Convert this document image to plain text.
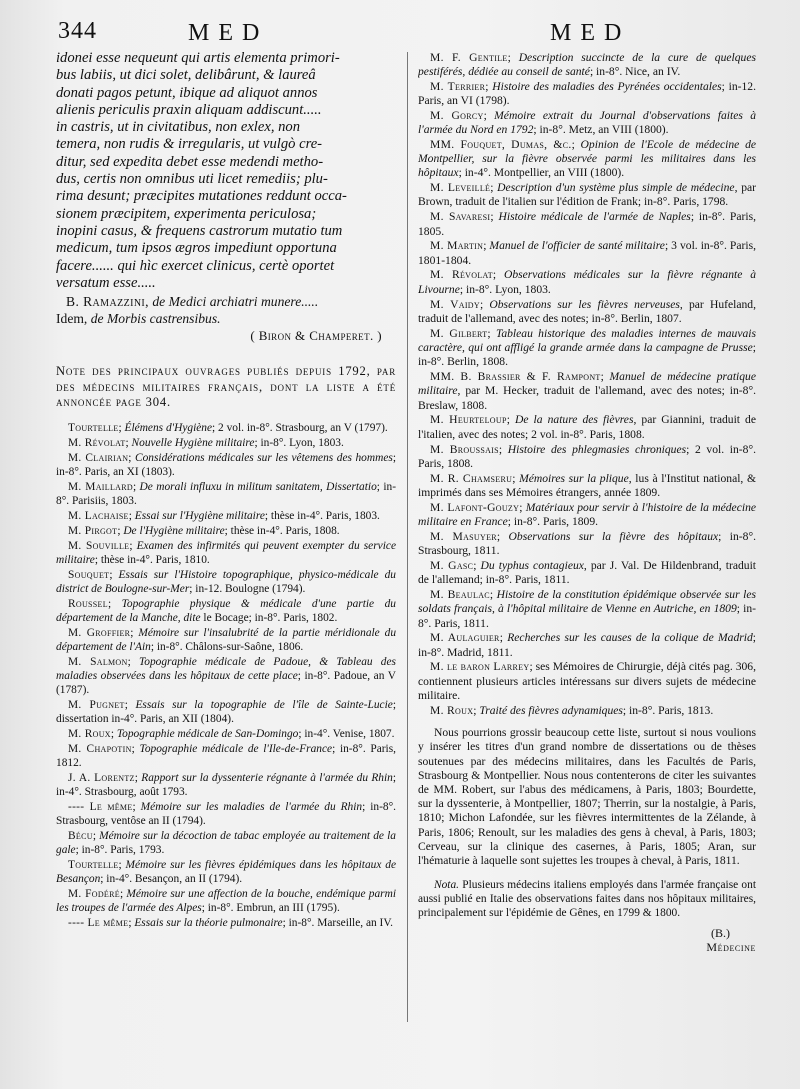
344	MED	MED

idonei esse nequeunt qui artis elementa primori-

bus labiis, ut dici solet, delibârunt, & laureâ

donati pagos petunt, ibique ad aliquot annos

alienis periculis praxin aliquam addiscunt.....

in castris, ut in civitatibus, non exlex, non

temera, non rudis & irregularis, ut vulgò cre-

ditur, sed expedita debet esse medendi metho-

dus, certis non omnibus uti licet remediis; plu-

rima desunt; præcipites mutationes reddunt occa-

sionem præcipitem, experimenta periculosa;

inopini casus, & frequens castrorum mutatio tum

medicum, tum ipsos ægros impediunt opportuna

facere...... qui hìc exercet clinicus, certè oportet

versatum esse.....

B. Ramazzini, de Medici archiatri munere.....

Idem, de Morbis castrensibus.

( Biron & Champeret. )

Note des principaux ouvrages publiés depuis 1792, par des médecins militaires français, dont la liste a été annoncée page 304.

Tourtelle; Élémens d'Hygiène; 2 vol. in-8°. Strasbourg, an V (1797).

M. Révolat; Nouvelle Hygiène militaire; in-8°. Lyon, 1803.

M. Clairian; Considérations médicales sur les vêtemens des hommes; in-8°. Paris, an XI (1803).

M. Maillard; De morali influxu in militum sanitatem, Dissertatio; in-8°. Parisiis, 1803.

M. Lachaise; Essai sur l'Hygiène militaire; thèse in-4°. Paris, 1803.

M. Pirgot; De l'Hygiène militaire; thèse in-4°. Paris, 1808.

M. Souville; Examen des infirmités qui peuvent exempter du service militaire; thèse in-4°. Paris, 1810.

Souquet; Essais sur l'Histoire topographique, physico-médicale du district de Boulogne-sur-Mer; in-12. Boulogne (1794).

Roussel; Topographie physique & médicale d'une partie du département de la Manche, dite le Bocage; in-8°. Paris, 1802.

M. Groffier; Mémoire sur l'insalubrité de la partie méridionale du département de l'Ain; in-8°. Châlons-sur-Saône, 1806.

M. Salmon; Topographie médicale de Padoue, & Tableau des maladies observées dans les hôpitaux de cette place; in-8°. Padoue, an V (1787).

M. Pugnet; Essais sur la topographie de l'île de Sainte-Lucie; dissertation in-4°. Paris, an XII (1804).

M. Roux; Topographie médicale de San-Domingo; in-4°. Venise, 1807.

M. Chapotin; Topographie médicale de l'Ile-de-France; in-8°. Paris, 1812.

J. A. Lorentz; Rapport sur la dyssenterie régnante à l'armée du Rhin; in-4°. Strasbourg, août 1793.

---- Le même; Mémoire sur les maladies de l'armée du Rhin; in-8°. Strasbourg, ventôse an II (1794).

Bécu; Mémoire sur la décoction de tabac employée au traitement de la gale; in-8°. Paris, 1793.

Tourtelle; Mémoire sur les fièvres épidémiques dans les hôpitaux de Besançon; in-4°. Besançon, an II (1794).

M. Fodéré; Mémoire sur une affection de la bouche, endémique parmi les troupes de l'armée des Alpes; in-8°. Embrun, an III (1795).

---- Le même; Essais sur la théorie pulmonaire; in-8°. Marseille, an IV.

M. F. Gentile; Description succincte de la cure de quelques pestiférés, dédiée au conseil de santé; in-8°. Nice, an IV.

M. Terrier; Histoire des maladies des Pyrénées occidentales; in-12. Paris, an VI (1798).

M. Gorcy; Mémoire extrait du Journal d'observations faites à l'armée du Nord en 1792; in-8°. Metz, an VIII (1800).

MM. Fouquet, Dumas, &c.; Opinion de l'Ecole de médecine de Montpellier, sur la fièvre observée parmi les militaires dans les hôpitaux; in-4°. Montpellier, an VIII (1800).

M. Leveillé; Description d'un système plus simple de médecine, par Brown, traduit de l'italien sur l'édition de Frank; in-8°. Paris, 1798.

M. Savaresi; Histoire médicale de l'armée de Naples; in-8°. Paris, 1805.

M. Martin; Manuel de l'officier de santé militaire; 3 vol. in-8°. Paris, 1801-1804.

M. Révolat; Observations médicales sur la fièvre régnante à Livourne; in-8°. Lyon, 1803.

M. Vaidy; Observations sur les fièvres nerveuses, par Hufeland, traduit de l'allemand, avec des notes; in-8°. Berlin, 1807.

M. Gilbert; Tableau historique des maladies internes de mauvais caractère, qui ont affligé la grande armée dans la campagne de Prusse; in-8°. Berlin, 1808.

MM. B. Brassier & F. Rampont; Manuel de médecine pratique militaire, par M. Hecker, traduit de l'allemand, avec des notes; in-8°. Breslaw, 1808.

M. Heurteloup; De la nature des fièvres, par Giannini, traduit de l'italien, avec des notes; 2 vol. in-8°. Paris, 1808.

M. Broussais; Histoire des phlegmasies chroniques; 2 vol. in-8°. Paris, 1808.

M. R. Chamseru; Mémoires sur la plique, lus à l'Institut national, & imprimés dans ses Mémoires étrangers, année 1809.

M. Lafont-Gouzy; Matériaux pour servir à l'histoire de la médecine militaire en France; in-8°. Paris, 1809.

M. Masuyer; Observations sur la fièvre des hôpitaux; in-8°. Strasbourg, 1811.

M. Gasc; Du typhus contagieux, par J. Val. De Hildenbrand, traduit de l'allemand; in-8°. Paris, 1811.

M. Beaulac; Histoire de la constitution épidémique observée sur les soldats français, à l'hôpital militaire de Vienne en Autriche, en 1809; in-8°. Paris, 1811.

M. Aulaguier; Recherches sur les causes de la colique de Madrid; in-8°. Madrid, 1811.

M. le baron Larrey; ses Mémoires de Chirurgie, déjà cités pag. 306, contiennent plusieurs articles intéressans sur divers sujets de médecine militaire.

M. Roux; Traité des fièvres adynamiques; in-8°. Paris, 1813.

Nous pourrions grossir beaucoup cette liste, surtout si nous voulions y insérer les titres d'un grand nombre de dissertations ou de thèses soutenues par des médecins militaires, dans les Facultés de Paris, Strasbourg & Montpellier. Nous nous contenterons de citer les suivantes de MM. Robert, sur l'abus des médicamens, à Paris, 1803; Bourdette, sur la dyssenterie, à Montpellier, 1807; Therrin, sur la nostalgie, à Paris, 1810; Michon Lafondée, sur les fièvres intermittentes de la Zélande, à Paris, 1806; Renoult, sur les maladies des gens à cheval, à Paris, 1803; Cerveau, sur la clinique des casernes, à Paris, 1805; Aran, sur l'hématurie à laquelle sont sujettes les troupes à cheval, à Paris, 1811.

Nota. Plusieurs médecins italiens employés dans l'armée française ont aussi publié en Italie des observations faites dans nos hôpitaux militaires, principalement sur l'épidémie de Gênes, en 1799 & 1800.

(B.)

Médecine
